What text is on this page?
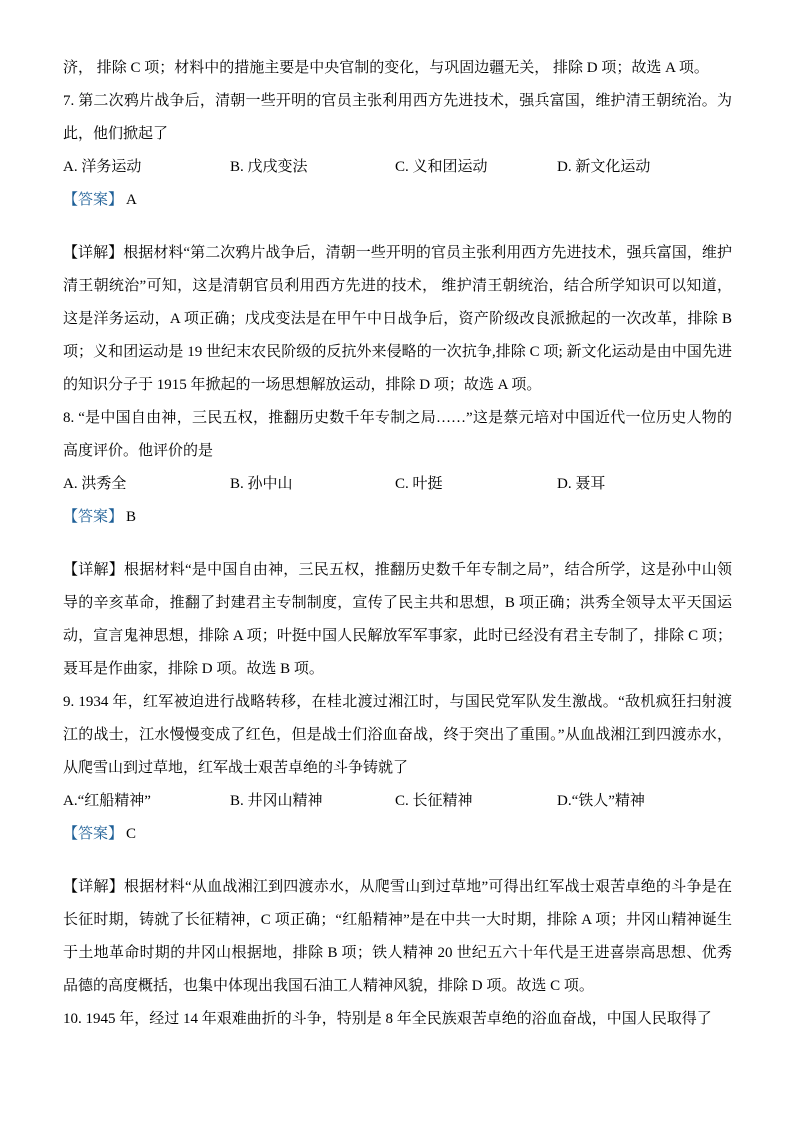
济， 排除 C 项；材料中的措施主要是中央官制的变化，与巩固边疆无关， 排除 D 项；故选 A 项。

7. 第二次鸦片战争后，清朝一些开明的官员主张利用西方先进技术，强兵富国，维护清王朝统治。为此，他们掀起了

A. 洋务运动	B. 戊戌变法	C. 义和团运动	D. 新文化运动

【答案】 A

【详解】根据材料“第二次鸦片战争后，清朝一些开明的官员主张利用西方先进技术，强兵富国，维护清王朝统治”可知，这是清朝官员利用西方先进的技术， 维护清王朝统治，结合所学知识可以知道，这是洋务运动，A 项正确；戊戌变法是在甲午中日战争后，资产阶级改良派掀起的一次改革，排除 B 项；义和团运动是 19 世纪末农民阶级的反抗外来侵略的一次抗争,排除 C 项; 新文化运动是由中国先进的知识分子于 1915 年掀起的一场思想解放运动，排除 D 项；故选 A 项。

8. “是中国自由神，三民五权，推翻历史数千年专制之局……”这是蔡元培对中国近代一位历史人物的高度评价。他评价的是

A. 洪秀全	B. 孙中山	C. 叶挺	D. 聂耳

【答案】 B

【详解】根据材料“是中国自由神，三民五权，推翻历史数千年专制之局”，结合所学，这是孙中山领导的辛亥革命，推翻了封建君主专制制度，宣传了民主共和思想，B 项正确；洪秀全领导太平天国运动，宣言鬼神思想，排除 A 项；叶挺中国人民解放军军事家，此时已经没有君主专制了，排除 C 项；聂耳是作曲家，排除 D 项。故选 B 项。

9. 1934 年，红军被迫进行战略转移，在桂北渡过湘江时，与国民党军队发生激战。“敌机疯狂扫射渡江的战士，江水慢慢变成了红色，但是战士们浴血奋战，终于突出了重围。”从血战湘江到四渡赤水，从爬雪山到过草地，红军战士艰苦卓绝的斗争铸就了

A.“红船精神”	B. 井冈山精神	C. 长征精神	D.“铁人”精神

【答案】 C

【详解】根据材料“从血战湘江到四渡赤水，从爬雪山到过草地”可得出红军战士艰苦卓绝的斗争是在长征时期，铸就了长征精神，C 项正确；“红船精神”是在中共一大时期，排除 A 项；井冈山精神诞生于土地革命时期的井冈山根据地，排除 B 项；铁人精神 20 世纪五六十年代是王进喜崇高思想、优秀品德的高度概括，也集中体现出我国石油工人精神风貌，排除 D 项。故选 C 项。

10. 1945 年，经过 14 年艰难曲折的斗争，特别是 8 年全民族艰苦卓绝的浴血奋战，中国人民取得了
